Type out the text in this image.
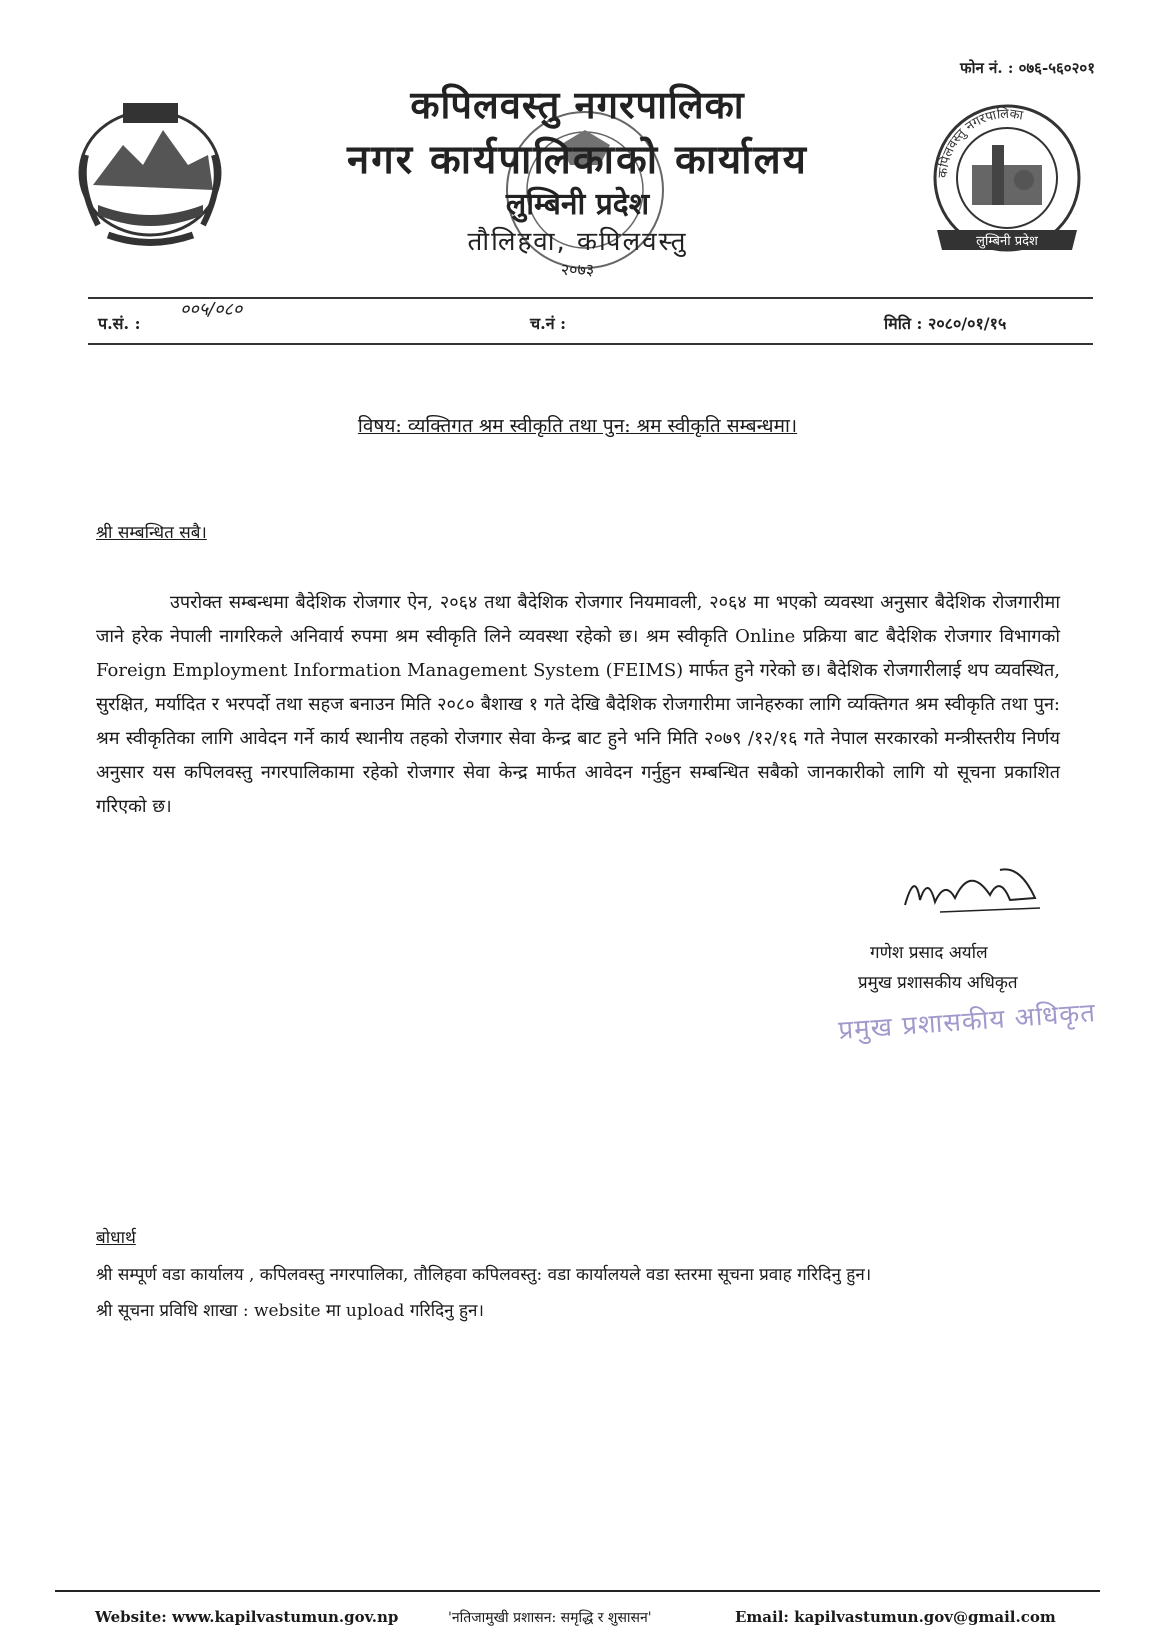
फोन नं. : ०७६-५६०२०१
कपिलवस्तु नगरपालिका
नगर कार्यपालिकाको कार्यालय
लुम्बिनी प्रदेश
तौलिहवा, कपिलवस्तु
२०७३
कपिलवस्तु नगरपालिका
लुम्बिनी प्रदेश
प.सं. :
००५/०८०
च.नं :	मिति : २०८०/०१/१५
विषय: व्यक्तिगत श्रम स्वीकृति तथा पुन: श्रम स्वीकृति सम्बन्धमा।
श्री सम्बन्धित सबै।

उपरोक्त सम्बन्धमा बैदेशिक रोजगार ऐन, २०६४ तथा बैदेशिक रोजगार नियमावली, २०६४ मा भएको व्यवस्था अनुसार बैदेशिक रोजगारीमा जाने हरेक नेपाली नागरिकले अनिवार्य रुपमा श्रम स्वीकृति लिने व्यवस्था रहेको छ। श्रम स्वीकृति Online प्रक्रिया बाट बैदेशिक रोजगार विभागको Foreign Employment Information Management System (FEIMS) मार्फत हुने गरेको छ। बैदेशिक रोजगारीलाई थप व्यवस्थित, सुरक्षित, मर्यादित र भरपर्दो तथा सहज बनाउन मिति २०८० बैशाख १ गते देखि बैदेशिक रोजगारीमा जानेहरुका लागि व्यक्तिगत श्रम स्वीकृति तथा पुन: श्रम स्वीकृतिका लागि आवेदन गर्ने कार्य स्थानीय तहको रोजगार सेवा केन्द्र बाट हुने भनि मिति २०७९ /१२/१६ गते नेपाल सरकारको मन्त्रीस्तरीय निर्णय अनुसार यस कपिलवस्तु नगरपालिकामा रहेको रोजगार सेवा केन्द्र मार्फत आवेदन गर्नुहुन सम्बन्धित सबैको जानकारीको लागि यो सूचना प्रकाशित गरिएको छ।

गणेश प्रसाद अर्याल
प्रमुख प्रशासकीय अधिकृत
प्रमुख प्रशासकीय अधिकृत
बोधार्थ
श्री सम्पूर्ण वडा कार्यालय , कपिलवस्तु नगरपालिका, तौलिहवा कपिलवस्तु: वडा कार्यालयले वडा स्तरमा सूचना प्रवाह गरिदिनु हुन।
श्री सूचना प्रविधि शाखा : website मा upload गरिदिनु हुन।
Website: www.kapilvastumun.gov.np	'नतिजामुखी प्रशासन: समृद्धि र शुसासन'	Email: kapilvastumun.gov@gmail.com
